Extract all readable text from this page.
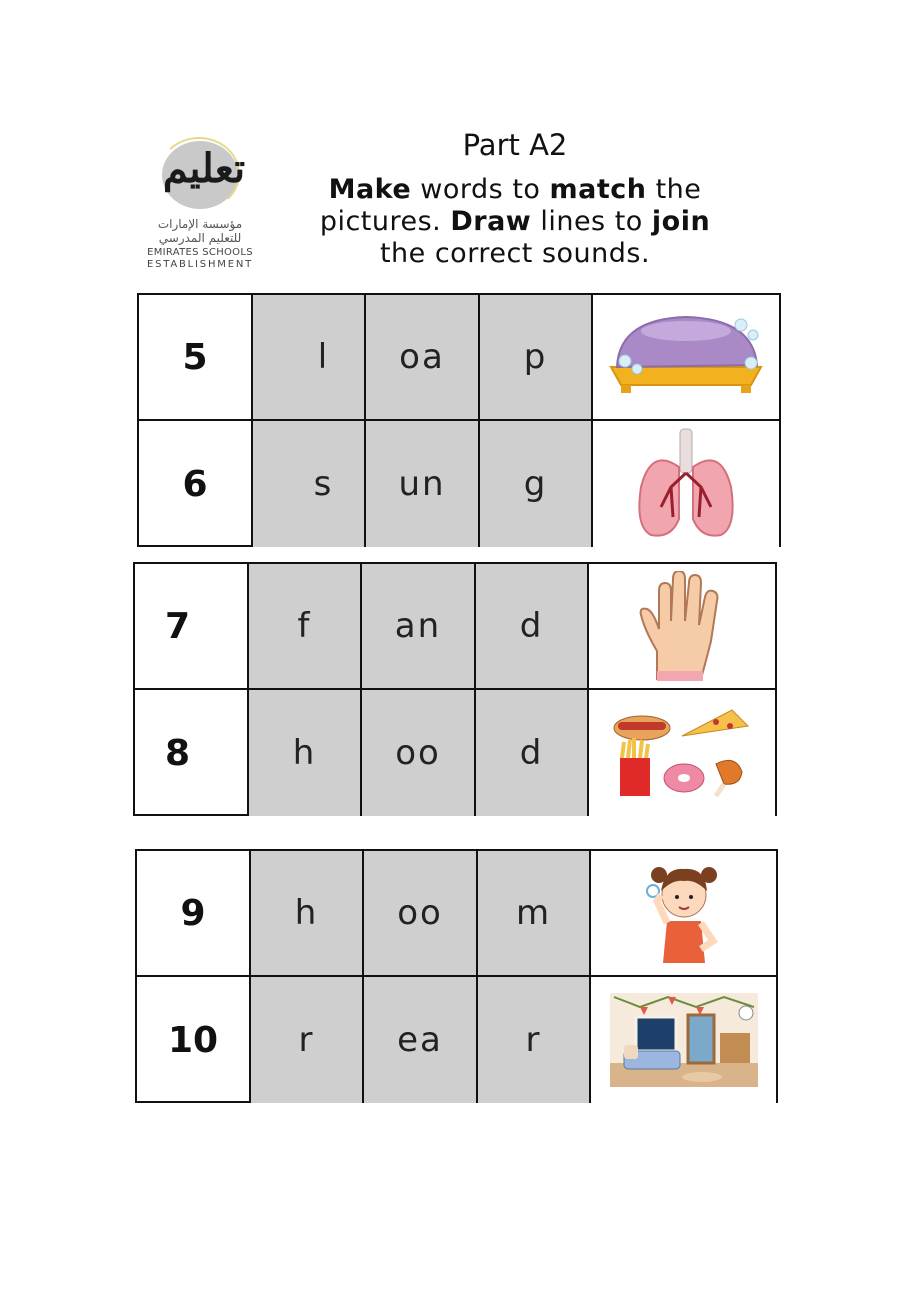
تعليم
مؤسسة الإمارات
للتعليم المدرسي
EMIRATES SCHOOLS
ESTABLISHMENT
Part A2
Make words to match the pictures. Draw lines to join the correct sounds.
5	l	oa	p
6	s	un	g
7	f	an	d
8	h	oo	d
9	h	oo	m
10	r	ea	r
